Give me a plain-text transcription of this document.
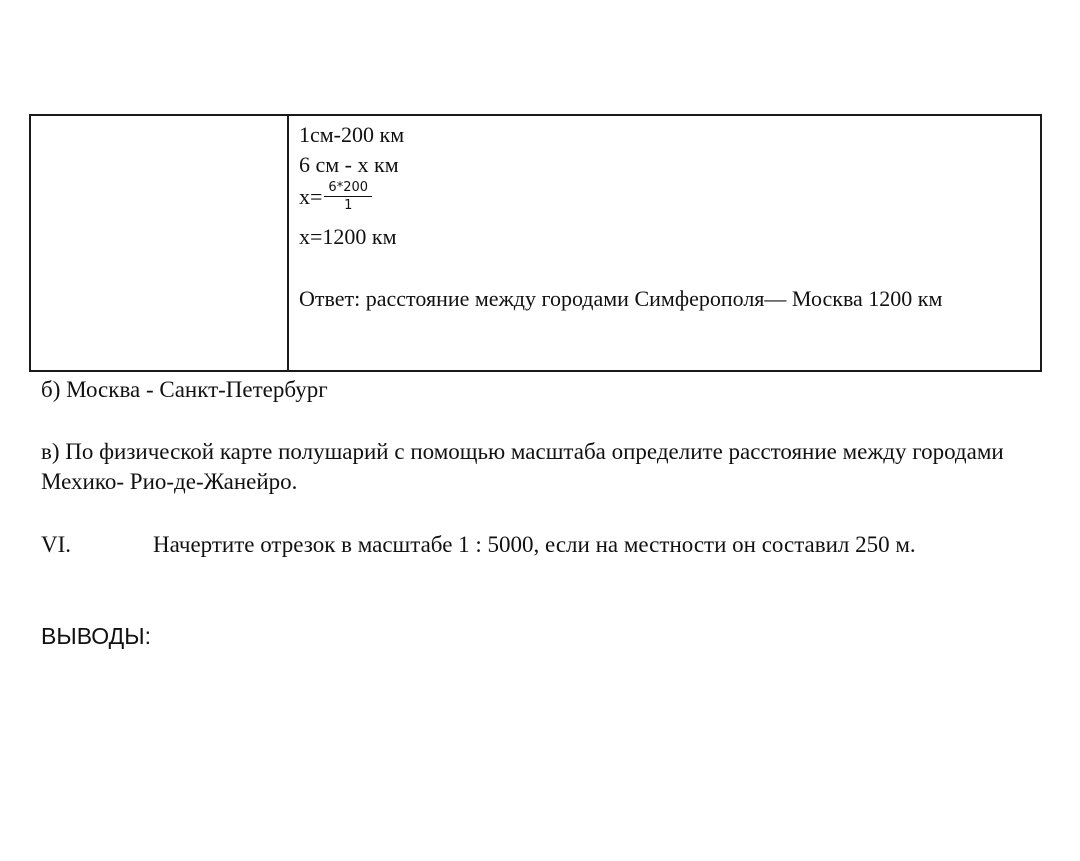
1см-200 км
6 см - x км
$x= \frac{6*200}{1}$
x=1200 км
Ответ: расстояние между городами Симферополя— Москва 1200 км
б) Москва - Санкт-Петербург
в) По физической карте полушарий с помощью масштаба определите расстояние между городами Мехико- Рио-де-Жанейро.
VI.	Начертите отрезок в масштабе 1 : 5000, если на местности он составил 250 м.
ВЫВОДЫ:
